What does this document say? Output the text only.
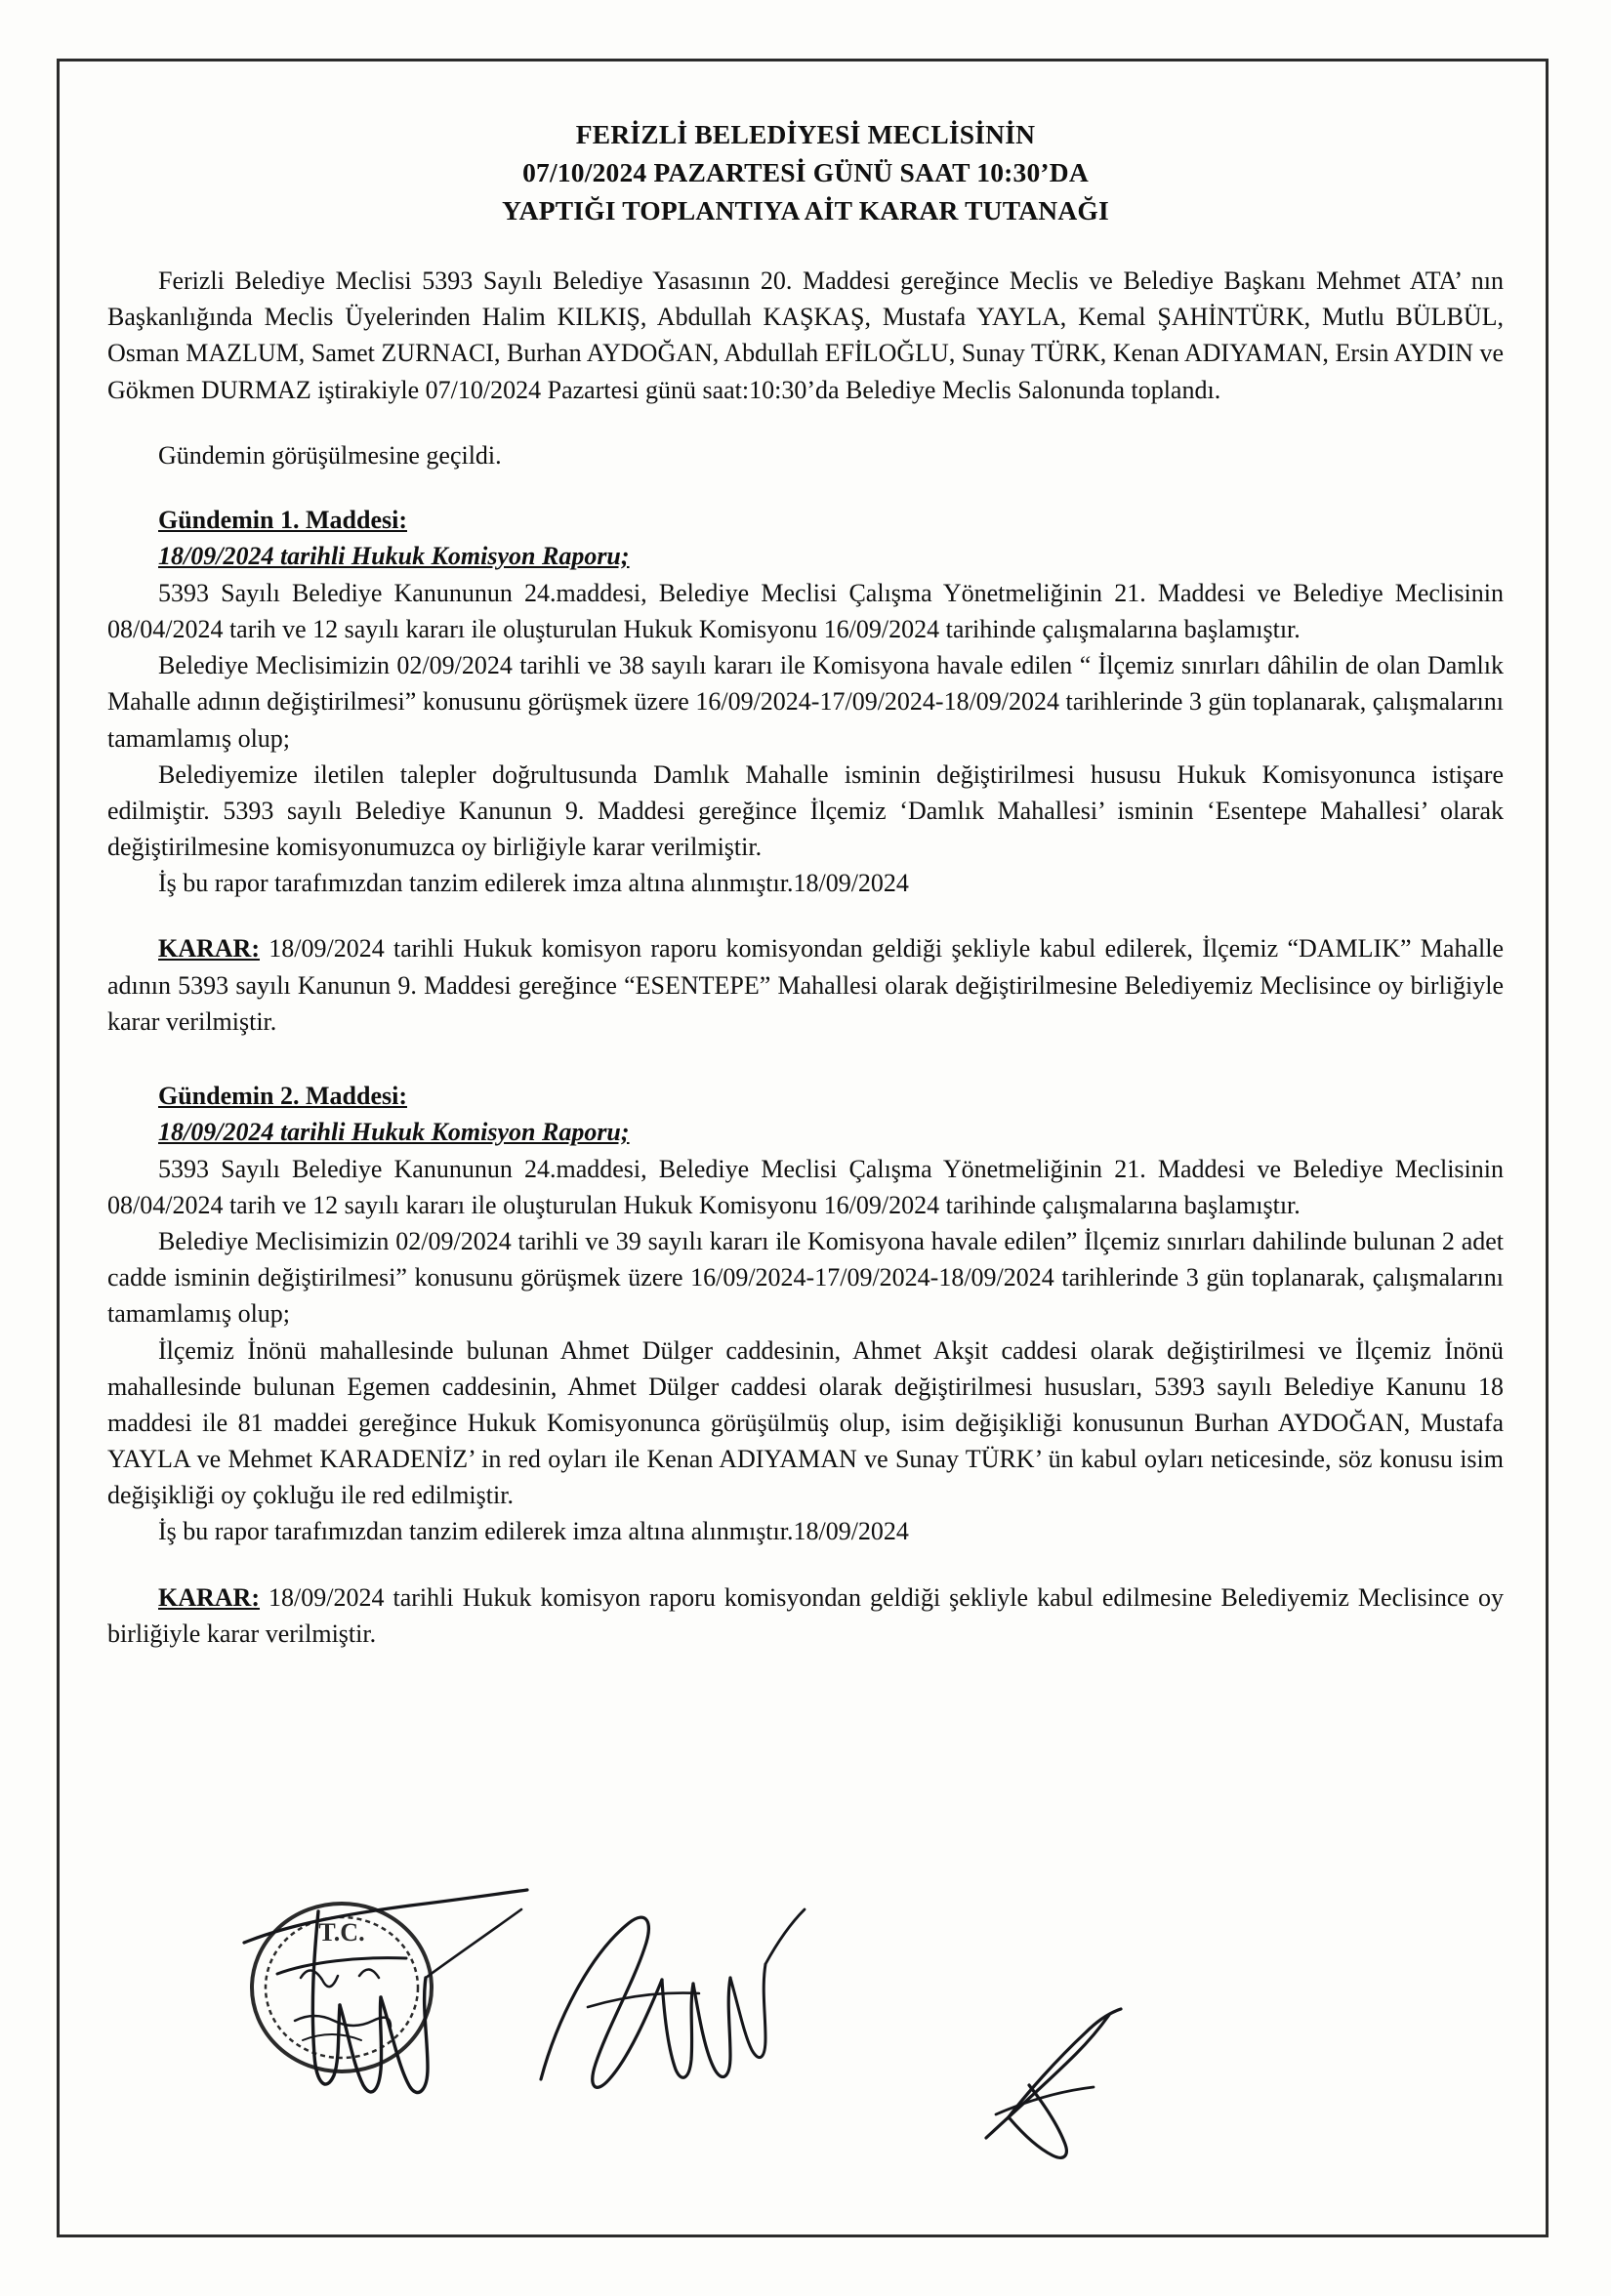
FERİZLİ BELEDİYESİ MECLİSİNİN
07/10/2024 PAZARTESİ GÜNÜ SAAT 10:30’DA
YAPTIĞI TOPLANTIYA AİT KARAR TUTANAĞI

Ferizli Belediye Meclisi 5393 Sayılı Belediye Yasasının 20. Maddesi gereğince Meclis ve Belediye Başkanı Mehmet ATA’ nın Başkanlığında Meclis Üyelerinden Halim KILKIŞ, Abdullah KAŞKAŞ, Mustafa YAYLA, Kemal ŞAHİNTÜRK, Mutlu BÜLBÜL, Osman MAZLUM, Samet ZURNACI, Burhan AYDOĞAN, Abdullah EFİLOĞLU, Sunay TÜRK, Kenan ADIYAMAN, Ersin AYDIN ve Gökmen DURMAZ iştirakiyle 07/10/2024 Pazartesi günü saat:10:30’da Belediye Meclis Salonunda toplandı.

Gündemin görüşülmesine geçildi.

Gündemin 1. Maddesi:
18/09/2024 tarihli Hukuk Komisyon Raporu;

5393 Sayılı Belediye Kanununun 24.maddesi, Belediye Meclisi Çalışma Yönetmeliğinin 21. Maddesi ve Belediye Meclisinin 08/04/2024 tarih ve 12 sayılı kararı ile oluşturulan Hukuk Komisyonu 16/09/2024 tarihinde çalışmalarına başlamıştır.

Belediye Meclisimizin 02/09/2024 tarihli ve 38 sayılı kararı ile Komisyona havale edilen “ İlçemiz sınırları dâhilin de olan Damlık Mahalle adının değiştirilmesi” konusunu görüşmek üzere 16/09/2024-17/09/2024-18/09/2024 tarihlerinde 3 gün toplanarak, çalışmalarını tamamlamış olup;

Belediyemize iletilen talepler doğrultusunda Damlık Mahalle isminin değiştirilmesi hususu Hukuk Komisyonunca istişare edilmiştir. 5393 sayılı Belediye Kanunun 9. Maddesi gereğince İlçemiz ‘Damlık Mahallesi’ isminin ‘Esentepe Mahallesi’ olarak değiştirilmesine komisyonumuzca oy birliğiyle karar verilmiştir.

İş bu rapor tarafımızdan tanzim edilerek imza altına alınmıştır.18/09/2024

KARAR: 18/09/2024 tarihli Hukuk komisyon raporu komisyondan geldiği şekliyle kabul edilerek, İlçemiz “DAMLIK” Mahalle adının 5393 sayılı Kanunun 9. Maddesi gereğince “ESENTEPE” Mahallesi olarak değiştirilmesine Belediyemiz Meclisince oy birliğiyle karar verilmiştir.

Gündemin 2. Maddesi:
18/09/2024 tarihli Hukuk Komisyon Raporu;

5393 Sayılı Belediye Kanununun 24.maddesi, Belediye Meclisi Çalışma Yönetmeliğinin 21. Maddesi ve Belediye Meclisinin 08/04/2024 tarih ve 12 sayılı kararı ile oluşturulan Hukuk Komisyonu 16/09/2024 tarihinde çalışmalarına başlamıştır.

Belediye Meclisimizin 02/09/2024 tarihli ve 39 sayılı kararı ile Komisyona havale edilen” İlçemiz sınırları dahilinde bulunan 2 adet cadde isminin değiştirilmesi” konusunu görüşmek üzere 16/09/2024-17/09/2024-18/09/2024 tarihlerinde 3 gün toplanarak, çalışmalarını tamamlamış olup;

İlçemiz İnönü mahallesinde bulunan Ahmet Dülger caddesinin, Ahmet Akşit caddesi olarak değiştirilmesi ve İlçemiz İnönü mahallesinde bulunan Egemen caddesinin, Ahmet Dülger caddesi olarak değiştirilmesi hususları, 5393 sayılı Belediye Kanunu 18 maddesi ile 81 maddei gereğince Hukuk Komisyonunca görüşülmüş olup, isim değişikliği konusunun Burhan AYDOĞAN, Mustafa YAYLA ve Mehmet KARADENİZ’ in red oyları ile Kenan ADIYAMAN ve Sunay TÜRK’ ün kabul oyları neticesinde, söz konusu isim değişikliği oy çokluğu ile red edilmiştir.

İş bu rapor tarafımızdan tanzim edilerek imza altına alınmıştır.18/09/2024

KARAR: 18/09/2024 tarihli Hukuk komisyon raporu komisyondan geldiği şekliyle kabul edilmesine Belediyemiz Meclisince oy birliğiyle karar verilmiştir.

T.C.
